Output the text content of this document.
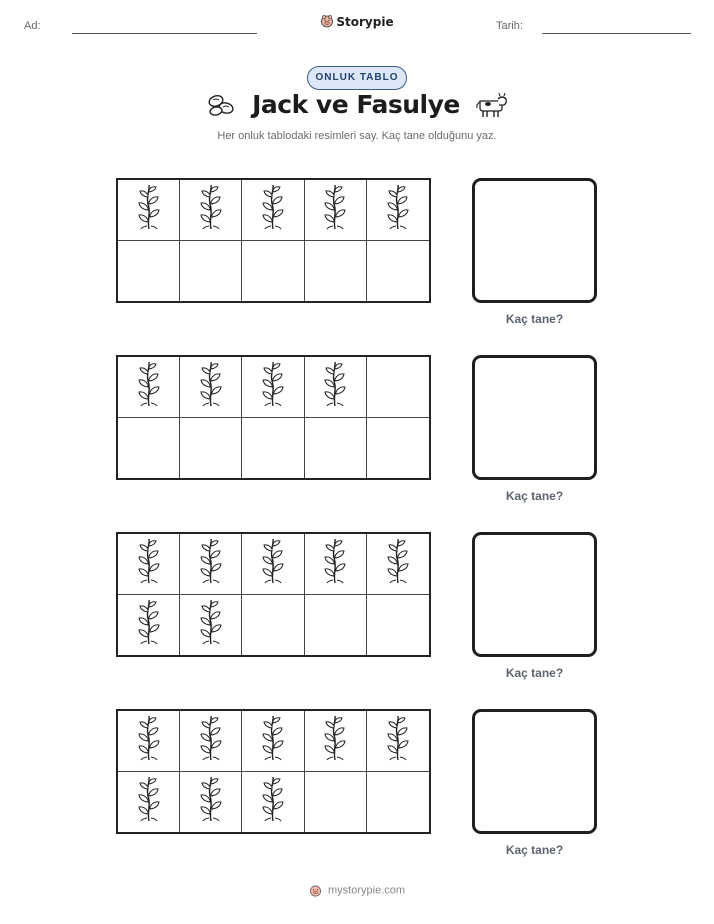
Ad:	Storypie	Tarih:
ONLUK TABLO
Jack ve Fasulye
Her onluk tablodaki resimleri say. Kaç tane olduğunu yaz.
Kaç tane?
Kaç tane?
Kaç tane?
Kaç tane?
mystorypie.com
